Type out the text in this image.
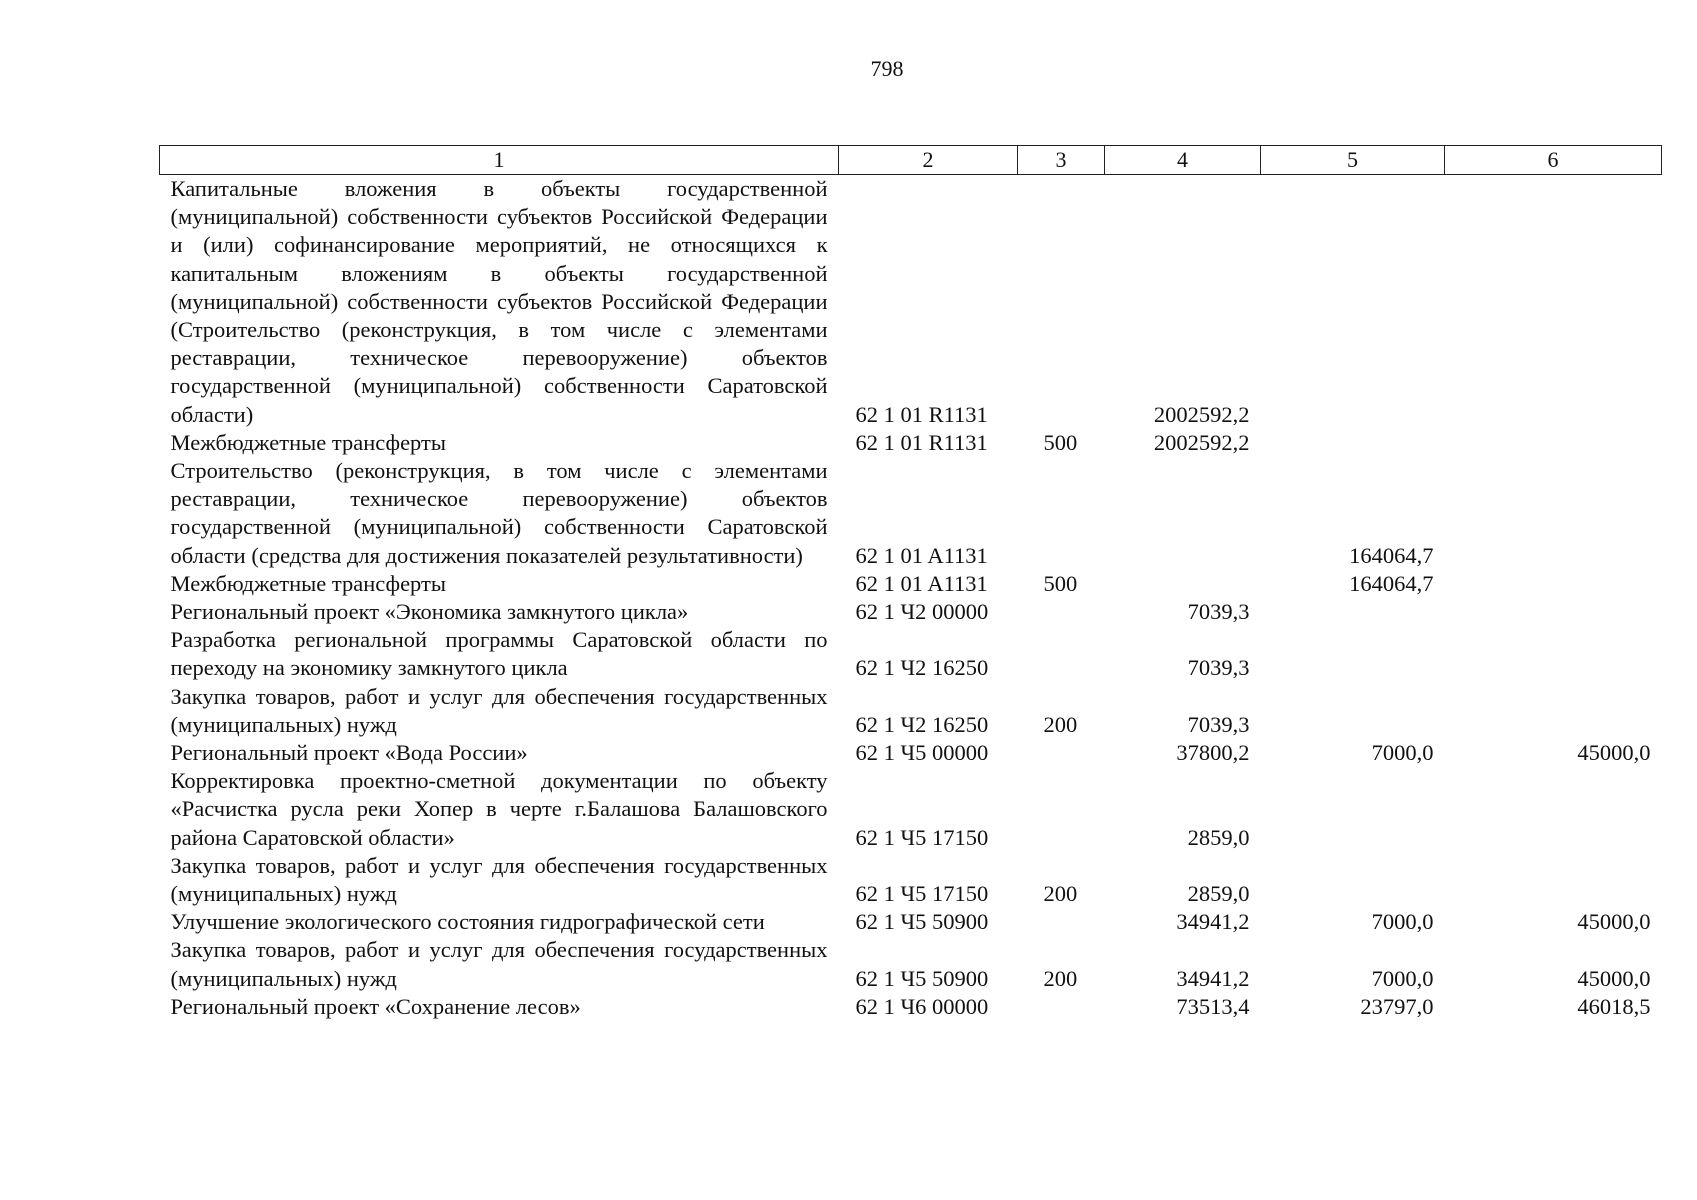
798
1	2	3	4	5	6
Капитальные вложения в объекты государственной (муниципальной) собственности субъектов Российской Федерации и (или) софинансирование мероприятий, не относящихся к капитальным вложениям в объекты государственной (муниципальной) собственности субъектов Российской Федерации (Строительство (реконструкция, в том числе с элементами реставрации, техническое перевооружение) объектов государственной (муниципальной) собственности Саратовской области)	62 1 01 R1131		2002592,2		
Межбюджетные трансферты	62 1 01 R1131	500	2002592,2		
Строительство (реконструкция, в том числе с элементами реставрации, техническое перевооружение) объектов государственной (муниципальной) собственности Саратовской области (средства для достижения показателей результативности)	62 1 01 A1131			164064,7	
Межбюджетные трансферты	62 1 01 A1131	500		164064,7	
Региональный проект «Экономика замкнутого цикла»	62 1 Ч2 00000		7039,3		
Разработка региональной программы Саратовской области по переходу на экономику замкнутого цикла	62 1 Ч2 16250		7039,3		
Закупка товаров, работ и услуг для обеспечения государственных (муниципальных) нужд	62 1 Ч2 16250	200	7039,3		
Региональный проект «Вода России»	62 1 Ч5 00000		37800,2	7000,0	45000,0
Корректировка проектно-сметной документации по объекту «Расчистка русла реки Хопер в черте г.Балашова Балашовского района Саратовской области»	62 1 Ч5 17150		2859,0		
Закупка товаров, работ и услуг для обеспечения государственных (муниципальных) нужд	62 1 Ч5 17150	200	2859,0		
Улучшение экологического состояния гидрографической сети	62 1 Ч5 50900		34941,2	7000,0	45000,0
Закупка товаров, работ и услуг для обеспечения государственных (муниципальных) нужд	62 1 Ч5 50900	200	34941,2	7000,0	45000,0
Региональный проект «Сохранение лесов»	62 1 Ч6 00000		73513,4	23797,0	46018,5
